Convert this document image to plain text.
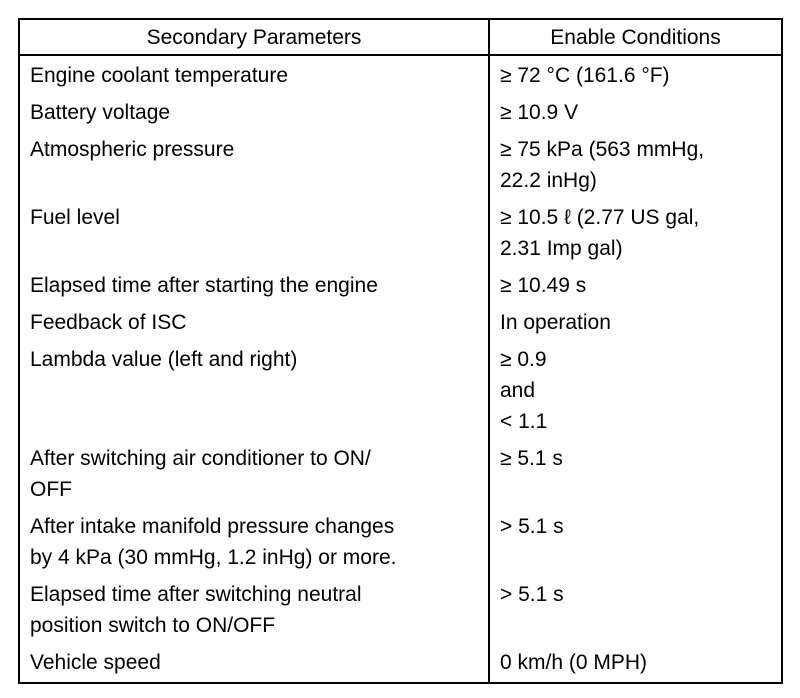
Secondary Parameters	Enable Conditions

Engine coolant temperature	≥ 72 °C (161.6 °F)

Battery voltage	≥ 10.9 V

Atmospheric pressure	≥ 75 kPa (563 mmHg,
22.2 inHg)

Fuel level	≥ 10.5 ℓ (2.77 US gal,
2.31 Imp gal)

Elapsed time after starting the engine	≥ 10.49 s

Feedback of ISC	In operation

Lambda value (left and right)	≥ 0.9
and
< 1.1

After switching air conditioner to ON/
OFF	≥ 5.1 s

After intake manifold pressure changes
by 4 kPa (30 mmHg, 1.2 inHg) or more.	> 5.1 s

Elapsed time after switching neutral
position switch to ON/OFF	> 5.1 s

Vehicle speed	0 km/h (0 MPH)
